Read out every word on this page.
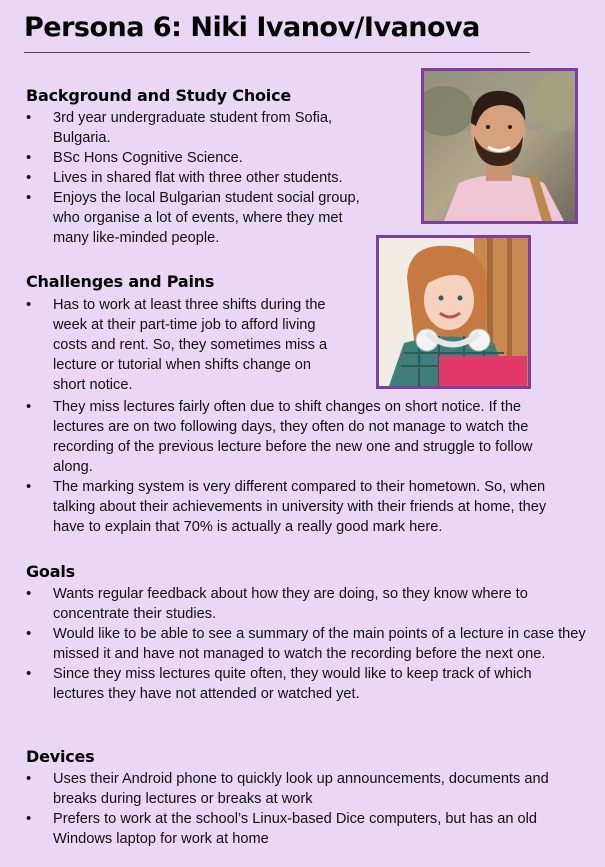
Persona 6: Niki Ivanov/Ivanova
Background and Study Choice
• 3rd year undergraduate student from Sofia, Bulgaria.
• BSc Hons Cognitive Science.
• Lives in shared flat with three other students.
• Enjoys the local Bulgarian student social group, who organise a lot of events, where they met many like-minded people.
Challenges and Pains
• Has to work at least three shifts during the week at their part-time job to afford living costs and rent. So, they sometimes miss a lecture or tutorial when shifts change on short notice.
• They miss lectures fairly often due to shift changes on short notice. If the lectures are on two following days, they often do not manage to watch the recording of the previous lecture before the new one and struggle to follow along.
• The marking system is very different compared to their hometown. So, when talking about their achievements in university with their friends at home, they have to explain that 70% is actually a really good mark here.
Goals
• Wants regular feedback about how they are doing, so they know where to concentrate their studies.
• Would like to be able to see a summary of the main points of a lecture in case they missed it and have not managed to watch the recording before the next one.
• Since they miss lectures quite often, they would like to keep track of which lectures they have not attended or watched yet.
Devices
• Uses their Android phone to quickly look up announcements, documents and breaks during lectures or breaks at work
• Prefers to work at the school’s Linux-based Dice computers, but has an old Windows laptop for work at home
